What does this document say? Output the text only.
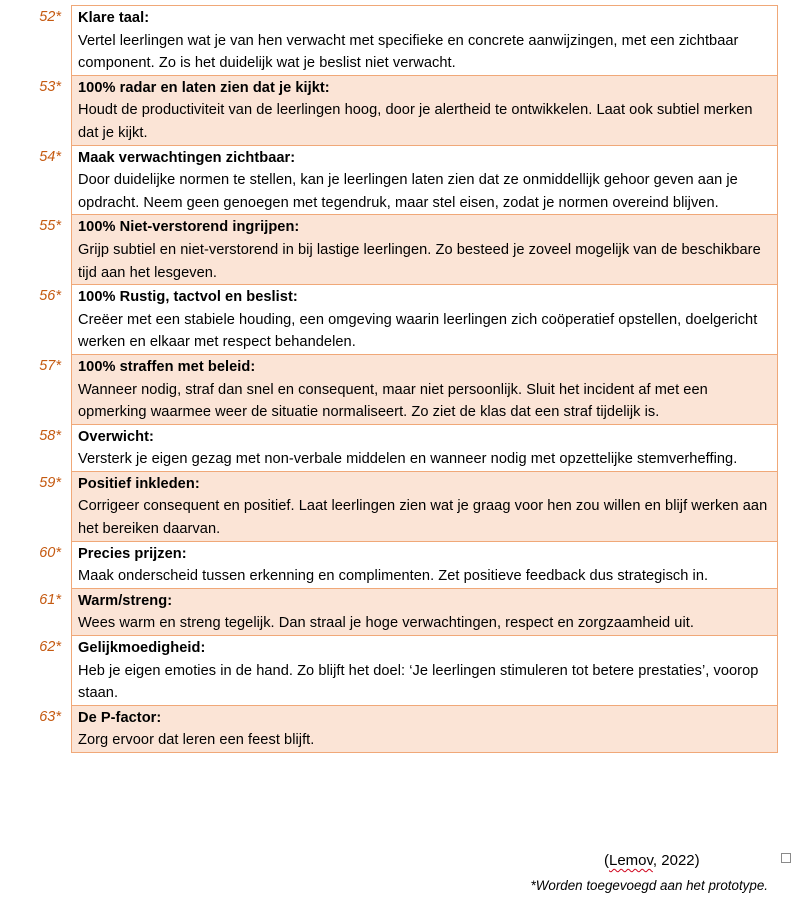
52*	Klare taal:
Vertel leerlingen wat je van hen verwacht met specifieke en concrete aanwijzingen, met een zichtbaar component. Zo is het duidelijk wat je beslist niet verwacht.
53*	100% radar en laten zien dat je kijkt:
Houdt de productiviteit van de leerlingen hoog, door je alertheid te ontwikkelen. Laat ook subtiel merken dat je kijkt.
54*	Maak verwachtingen zichtbaar:
Door duidelijke normen te stellen, kan je leerlingen laten zien dat ze onmiddellijk gehoor geven aan je opdracht. Neem geen genoegen met tegendruk, maar stel eisen, zodat je normen overeind blijven.
55*	100% Niet-verstorend ingrijpen:
Grijp subtiel en niet-verstorend in bij lastige leerlingen. Zo besteed je zoveel mogelijk van de beschikbare tijd aan het lesgeven.
56*	100% Rustig, tactvol en beslist:
Creëer met een stabiele houding, een omgeving waarin leerlingen zich coöperatief opstellen, doelgericht werken en elkaar met respect behandelen.
57*	100% straffen met beleid:
Wanneer nodig, straf dan snel en consequent, maar niet persoonlijk. Sluit het incident af met een opmerking waarmee weer de situatie normaliseert. Zo ziet de klas dat een straf tijdelijk is.
58*	Overwicht:
Versterk je eigen gezag met non-verbale middelen en wanneer nodig met opzettelijke stemverheffing.
59*	Positief inkleden:
Corrigeer consequent en positief. Laat leerlingen zien wat je graag voor hen zou willen en blijf werken aan het bereiken daarvan.
60*	Precies prijzen:
Maak onderscheid tussen erkenning en complimenten. Zet positieve feedback dus strategisch in.
61*	Warm/streng:
Wees warm en streng tegelijk. Dan straal je hoge verwachtingen, respect en zorgzaamheid uit.
62*	Gelijkmoedigheid:
Heb je eigen emoties in de hand. Zo blijft het doel: ‘Je leerlingen stimuleren tot betere prestaties’, voorop staan.
63*	De P-factor:
Zorg ervoor dat leren een feest blijft.
(Lemov, 2022)
*Worden toegevoegd aan het prototype.
